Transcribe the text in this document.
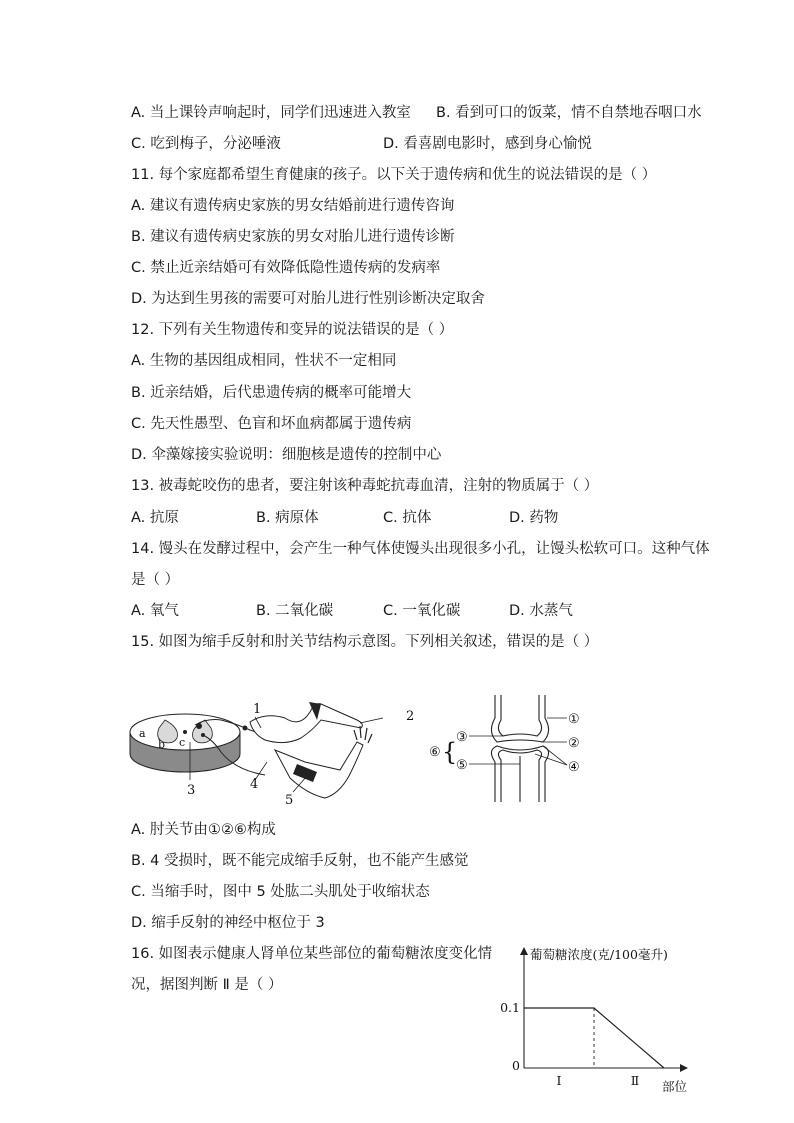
A. 当上课铃声响起时，同学们迅速进入教室 B. 看到可口的饭菜，情不自禁地吞咽口水
C. 吃到梅子，分泌唾液	D. 看喜剧电影时，感到身心愉悦
11. 每个家庭都希望生育健康的孩子。以下关于遗传病和优生的说法错误的是（ ）
A. 建议有遗传病史家族的男女结婚前进行遗传咨询
B. 建议有遗传病史家族的男女对胎儿进行遗传诊断
C. 禁止近亲结婚可有效降低隐性遗传病的发病率
D. 为达到生男孩的需要可对胎儿进行性别诊断决定取舍
12. 下列有关生物遗传和变异的说法错误的是（ ）
A. 生物的基因组成相同，性状不一定相同
B. 近亲结婚，后代患遗传病的概率可能增大
C. 先天性愚型、色盲和坏血病都属于遗传病
D. 伞藻嫁接实验说明：细胞核是遗传的控制中心
13. 被毒蛇咬伤的患者，要注射该种毒蛇抗毒血清，注射的物质属于（ ）
A. 抗原	B. 病原体	C. 抗体	D. 药物
14. 馒头在发酵过程中，会产生一种气体使馒头出现很多小孔，让馒头松软可口。这种气体
是（ ）
A. 氧气	B. 二氧化碳	C. 一氧化碳	D. 水蒸气
15. 如图为缩手反射和肘关节结构示意图。下列相关叙述，错误的是（ ）
1	2
3	4
5
a
b c
①
②
④
③
⑤
⑥ {
A. 肘关节由①②⑥构成
B. 4 受损时，既不能完成缩手反射，也不能产生感觉
C. 当缩手时，图中 5 处肱二头肌处于收缩状态
D. 缩手反射的神经中枢位于 3
16. 如图表示健康人肾单位某些部位的葡萄糖浓度变化情
况，据图判断 Ⅱ 是（ ）
葡萄糖浓度(克/100毫升)
部位
0.1
0
Ⅰ	Ⅱ
